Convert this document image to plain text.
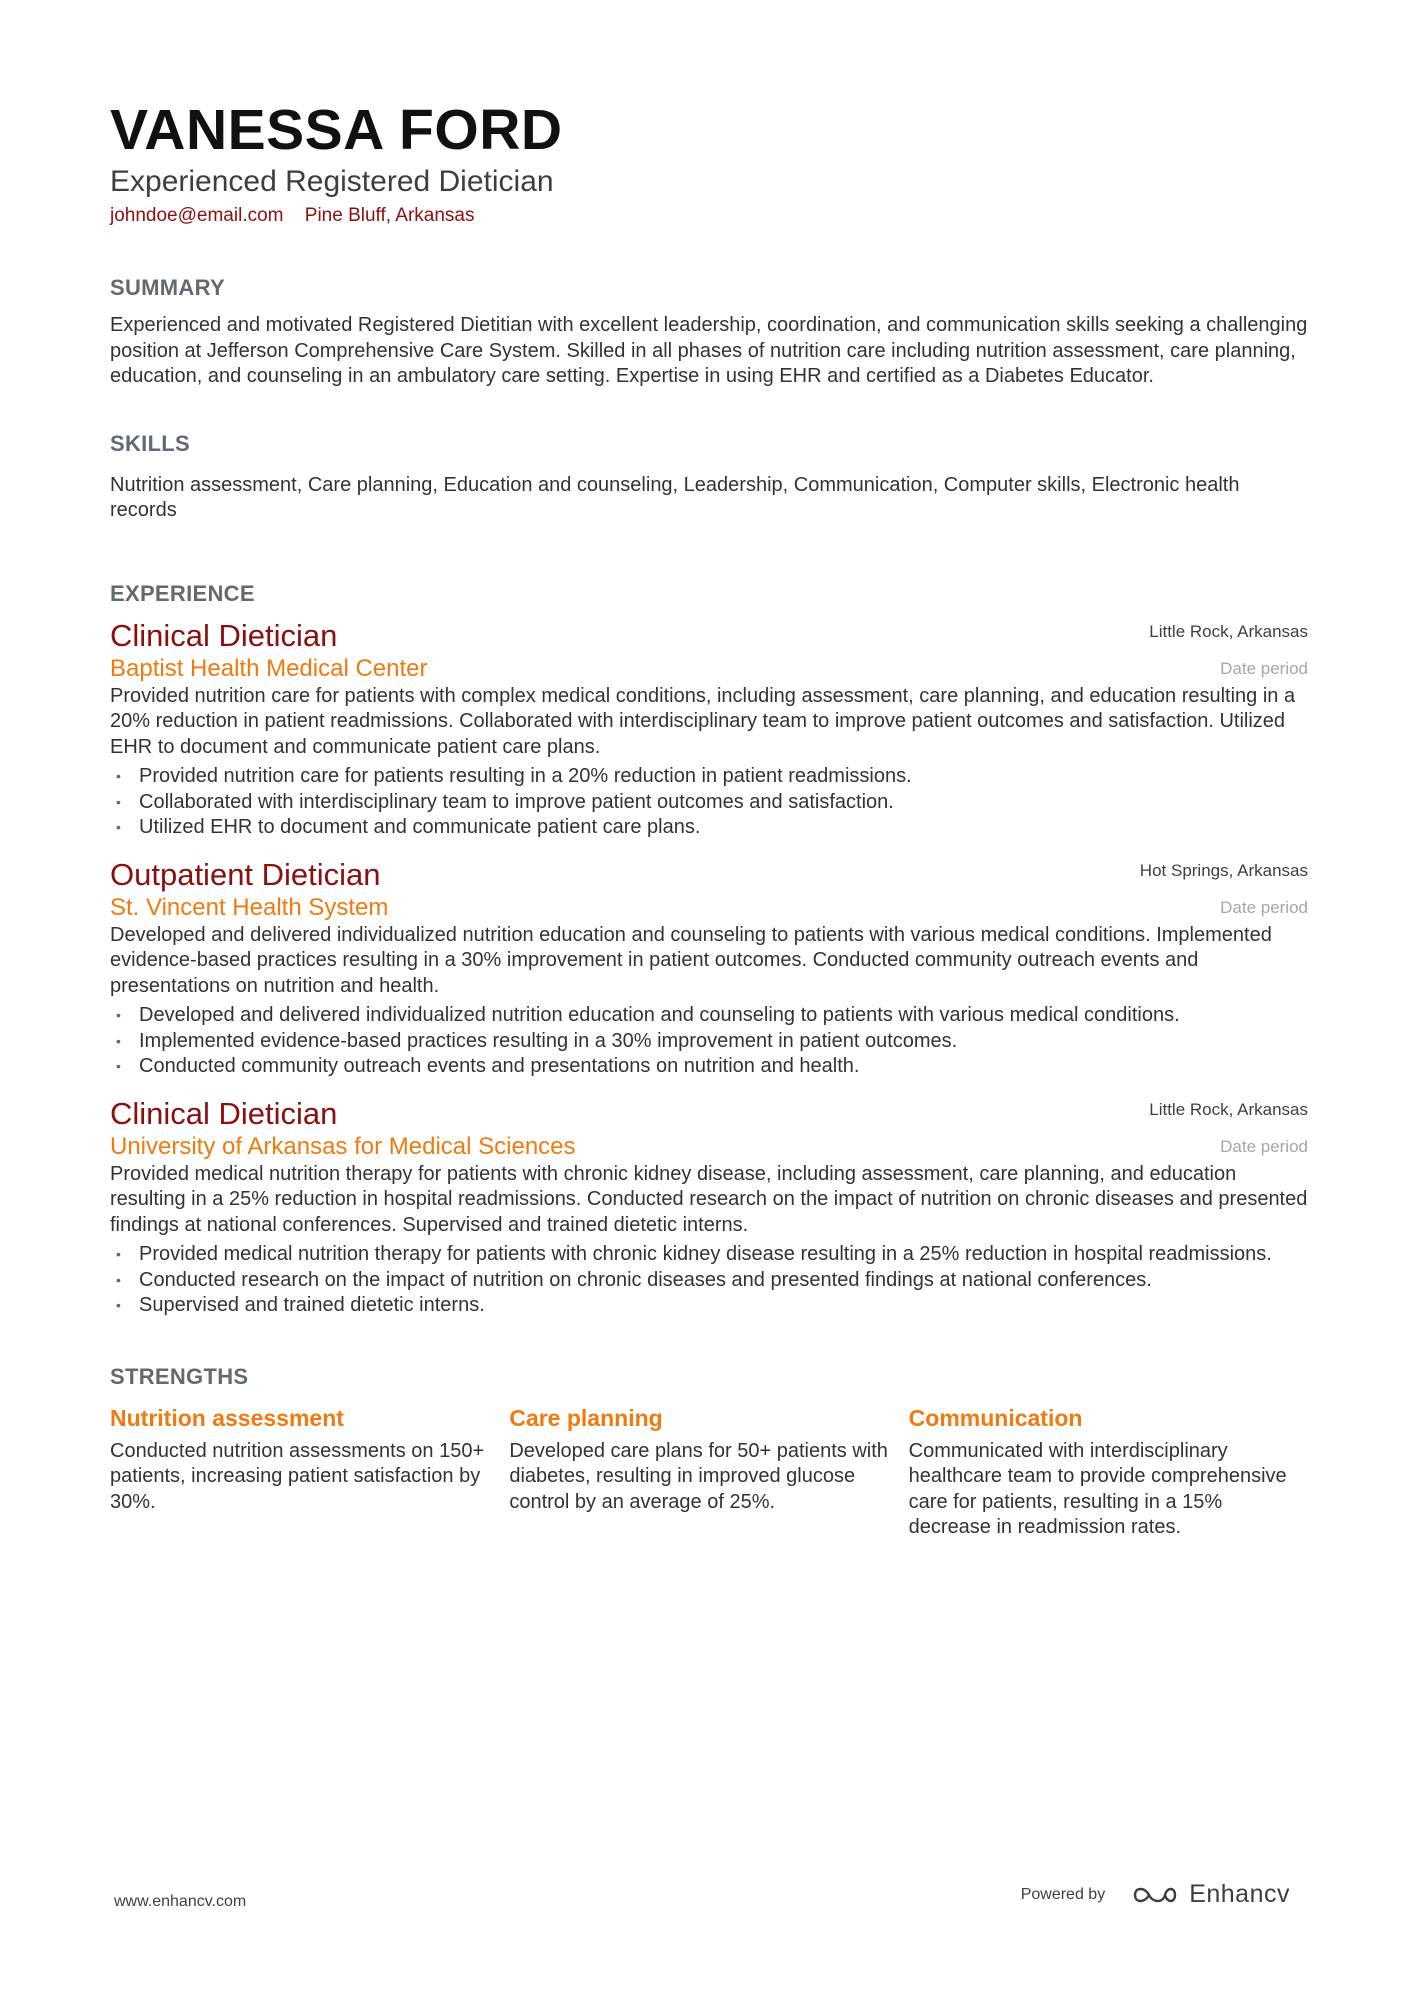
VANESSA FORD
Experienced Registered Dietician
johndoe@email.com Pine Bluff, Arkansas
SUMMARY

Experienced and motivated Registered Dietitian with excellent leadership, coordination, and communication skills seeking a challenging position at Jefferson Comprehensive Care System. Skilled in all phases of nutrition care including nutrition assessment, care planning, education, and counseling in an ambulatory care setting. Expertise in using EHR and certified as a Diabetes Educator.

SKILLS

Nutrition assessment, Care planning, Education and counseling, Leadership, Communication, Computer skills, Electronic health records

EXPERIENCE
Clinical Dietician
Baptist Health Medical Center
Little Rock, Arkansas
Date period

Provided nutrition care for patients with complex medical conditions, including assessment, care planning, and education resulting in a 20% reduction in patient readmissions. Collaborated with interdisciplinary team to improve patient outcomes and satisfaction. Utilized EHR to document and communicate patient care plans.

• Provided nutrition care for patients resulting in a 20% reduction in patient readmissions.
• Collaborated with interdisciplinary team to improve patient outcomes and satisfaction.
• Utilized EHR to document and communicate patient care plans.
Outpatient Dietician
St. Vincent Health System
Hot Springs, Arkansas
Date period

Developed and delivered individualized nutrition education and counseling to patients with various medical conditions. Implemented evidence-based practices resulting in a 30% improvement in patient outcomes. Conducted community outreach events and presentations on nutrition and health.

• Developed and delivered individualized nutrition education and counseling to patients with various medical conditions.
• Implemented evidence-based practices resulting in a 30% improvement in patient outcomes.
• Conducted community outreach events and presentations on nutrition and health.
Clinical Dietician
University of Arkansas for Medical Sciences
Little Rock, Arkansas
Date period

Provided medical nutrition therapy for patients with chronic kidney disease, including assessment, care planning, and education resulting in a 25% reduction in hospital readmissions. Conducted research on the impact of nutrition on chronic diseases and presented findings at national conferences. Supervised and trained dietetic interns.

• Provided medical nutrition therapy for patients with chronic kidney disease resulting in a 25% reduction in hospital readmissions.
• Conducted research on the impact of nutrition on chronic diseases and presented findings at national conferences.
• Supervised and trained dietetic interns.
STRENGTHS
Nutrition assessment

Conducted nutrition assessments on 150+ patients, increasing patient satisfaction by 30%.

Care planning

Developed care plans for 50+ patients with diabetes, resulting in improved glucose control by an average of 25%.

Communication

Communicated with interdisciplinary healthcare team to provide comprehensive care for patients, resulting in a 15% decrease in readmission rates.

www.enhancv.com	Powered by	Enhancv
